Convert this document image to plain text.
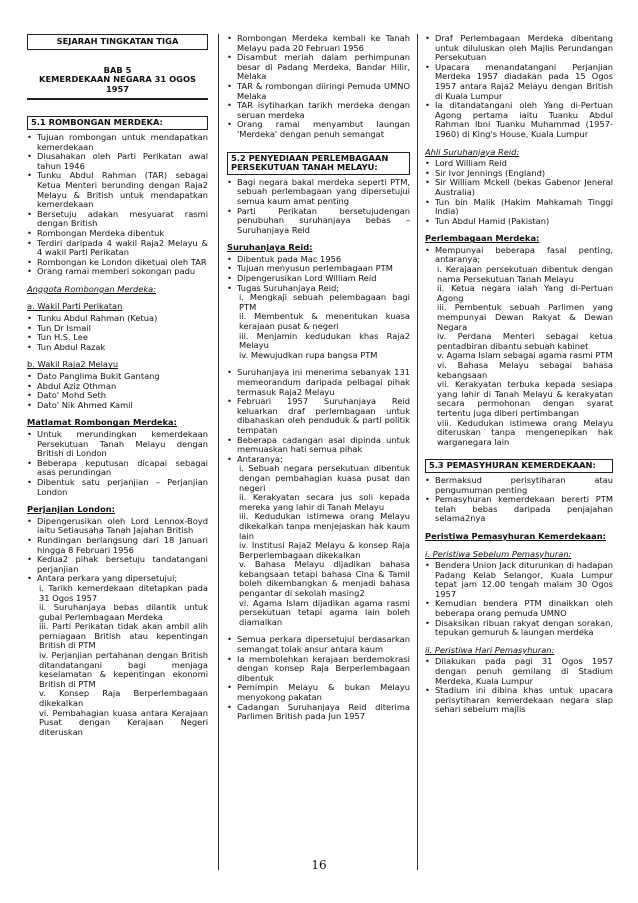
SEJARAH TINGKATAN TIGA
BAB 5
KEMERDEKAAN NEGARA 31 OGOS 1957
5.1 ROMBONGAN MERDEKA:
• Tujuan rombongan untuk mendapatkan kemerdekaan
• Diusahakan oleh Parti Perikatan awal tahun 1946
• Tunku Abdul Rahman (TAR) sebagai Ketua Menteri berunding dengan Raja2 Melayu & British untuk mendapatkan kemerdekaan
• Bersetuju adakan mesyuarat rasmi dengan British
• Rombongan Merdeka dibentuk
• Terdiri daripada 4 wakil Raja2 Melayu & 4 wakil Parti Perikatan
• Rombongan ke London diketuai oleh TAR
• Orang ramai memberi sokongan padu
Anggota Rombongan Merdeka:
a. Wakil Parti Perikatan
• Tunku Abdul Rahman (Ketua)
• Tun Dr Ismail
• Tun H.S. Lee
• Tun Abdul Razak
b. Wakil Raja2 Melayu
• Dato Panglima Bukit Gantang
• Abdul Aziz Othman
• Dato' Mohd Seth
• Dato' Nik Ahmed Kamil
Matlamat Rombongan Merdeka:
• Untuk merundingkan kemerdekaan Persekutuan Tanah Melayu dengan British di London
• Beberapa keputusan dicapai sebagai asas perundingan
• Dibentuk satu perjanjian – Perjanjian London
Perjanjian London:
• Dipengerusikan oleh Lord Lennox-Boyd iaitu Setiausaha Tanah Jajahan British
• Rundingan berlangsung dari 18 Januari hingga 8 Februari 1956
• Kedua2 pihak bersetuju tandatangani perjanjian
• Antara perkara yang dipersetujui;
i. Tarikh kemerdekaan ditetapkan pada 31 Ogos 1957
ii. Suruhanjaya bebas dilantik untuk gubal Perlembagaan Merdeka
iii. Parti Perikatan tidak akan ambil alih perniagaan British atau kepentingan British di PTM
iv. Perjanjian pertahanan dengan British ditandatangani bagi menjaga keselamatan & kepentingan ekonomi British di PTM
v. Konsep Raja Berperlembagaan dikekalkan
vi. Pembahagian kuasa antara Kerajaan Pusat dengan Kerajaan Negeri diteruskan
• Rombongan Merdeka kembali ke Tanah Melayu pada 20 Februari 1956
• Disambut meriah dalam perhimpunan besar di Padang Merdeka, Bandar Hilir, Melaka
• TAR & rombongan diiringi Pemuda UMNO Melaka
• TAR isytiharkan tarikh merdeka dengan seruan merdeka
• Orang ramai menyambut laungan 'Merdeka' dengan penuh semangat
5.2 PENYEDIAAN PERLEMBAGAAN PERSEKUTUAN TANAH MELAYU:
• Bagi negara bakal merdeka seperti PTM, sebuah perlembagaan yang dipersetujui semua kaum amat penting
• Parti Perikatan bersetujudengan penubuhan suruhanjaya bebas – Suruhanjaya Reid
Suruhanjaya Reid:
• Dibentuk pada Mac 1956
• Tujuan menyusun perlembagaan PTM
• Dipengerusikan Lord William Reid
• Tugas Suruhanjaya Reid;
i. Mengkaji sebuah pelembagaan bagi PTM
ii. Membentuk & menentukan kuasa kerajaan pusat & negeri
iii. Menjamin kedudukan khas Raja2 Melayu
iv. Mewujudkan rupa bangsa PTM
• Suruhanjaya ini menerima sebanyak 131 memeorandum daripada pelbagai pihak termasuk Raja2 Melayu
• Februari 1957 Suruhanjaya Reid keluarkan draf perlembagaan untuk dibahaskan oleh penduduk & parti politik tempatan
• Beberapa cadangan asal dipinda untuk memuaskan hati semua pihak
• Antaranya;
i. Sebuah negara persekutuan dibentuk dengan pembahagian kuasa pusat dan negeri
ii. Kerakyatan secara jus soli kepada mereka yang lahir di Tanah Melayu
iii. Kedudukan istimewa orang Melayu dikekalkan tanpa menjejaskan hak kaum lain
iv. Institusi Raja2 Melayu & konsep Raja Berperlembagaan dikekalkan
v. Bahasa Melayu dijadikan bahasa kebangsaan tetapi bahasa Cina & Tamil boleh dikembangkan & menjadi bahasa pengantar di sekolah masing2
vi. Agama Islam dijadikan agama rasmi persekutuan tetapi agama lain boleh diamalkan
• Semua perkara dipersetujui berdasarkan semangat tolak ansur antara kaum
• Ia membolehkan kerajaan berdemokrasi dengan konsep Raja Berperlembagaan dibentuk
• Pemimpin Melayu & bukan Melayu menyokong pakatan
• Cadangan Suruhanjaya Reid diterima Parlimen British pada Jun 1957
• Draf Perlembagaan Merdeka dibentang untuk diluluskan oleh Majlis Perundangan Persekutuan
• Upacara menandatangani Perjanjian Merdeka 1957 diadakan pada 15 Ogos 1957 antara Raja2 Melayu dengan British di Kuala Lumpur
• Ia ditandatangani oleh Yang di-Pertuan Agong pertama iaitu Tuanku Abdul Rahman Ibni Tuanku Muhammad (1957-1960) di King's House, Kuala Lumpur
Ahli Suruhanjaya Reid:
• Lord William Reid
• Sir Ivor Jennings (England)
• Sir William Mckell (bekas Gabenor Jeneral Australia)
• Tun bin Malik (Hakim Mahkamah Tinggi India)
• Tun Abdul Hamid (Pakistan)
Perlembagaan Merdeka:
• Mempunyai beberapa fasal penting, antaranya;
i. Kerajaan persekutuan dibentuk dengan nama Persekutuan Tanah Melayu
ii. Ketua negara ialah Yang di-Pertuan Agong
iii. Pembentuk sebuah Parlimen yang mempunyai Dewan Rakyat & Dewan Negara
iv. Perdana Menteri sebagai ketua pentadbiran dibantu sebuah kabinet
v. Agama Islam sebagai agama rasmi PTM
vi. Bahasa Melayu sebagai bahasa kebangsaan
vii. Kerakyatan terbuka kepada sesiapa yang lahir di Tanah Melayu & kerakyatan secara permohonan dengan syarat tertentu juga diberi pertimbangan
viii. Kedudukan istimewa orang Melayu diteruskan tanpa mengenepikan hak warganegara lain
5.3 PEMASYHURAN KEMERDEKAAN:
• Bermaksud perisytiharan atau pengumuman penting
• Pemasyhuran kemerdekaan bererti PTM telah bebas daripada penjajahan selama2nya
Peristiwa Pemasyhuran Kemerdekaan:
i. Peristiwa Sebelum Pemasyhuran:
• Bendera Union Jack diturunkan di hadapan Padang Kelab Selangor, Kuala Lumpur tepat jam 12.00 tengah malam 30 Ogos 1957
• Kemudian bendera PTM dinaikkan oleh beberapa orang pemuda UMNO
• Disaksikan ribuan rakyat dengan sorakan, tepukan gemuruh & laungan merdeka
ii. Peristiwa Hari Pemasyhuran:
• Dilakukan pada pagi 31 Ogos 1957 dengan penuh gemilang di Stadium Merdeka, Kuala Lumpur
• Stadium ini dibina khas untuk upacara perisytiharan kemerdekaan negara siap sehari sebelum majlis
16
